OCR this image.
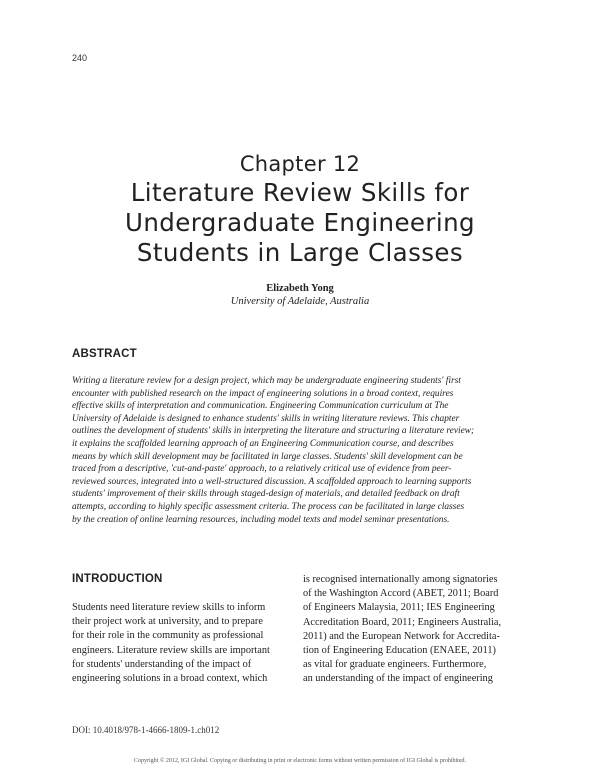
240
Chapter 12
Literature Review Skills for
Undergraduate Engineering
Students in Large Classes
Elizabeth Yong
University of Adelaide, Australia
ABSTRACT
Writing a literature review for a design project, which may be undergraduate engineering students' first
encounter with published research on the impact of engineering solutions in a broad context, requires
effective skills of interpretation and communication. Engineering Communication curriculum at The
University of Adelaide is designed to enhance students' skills in writing literature reviews. This chapter
outlines the development of students' skills in interpreting the literature and structuring a literature review;
it explains the scaffolded learning approach of an Engineering Communication course, and describes
means by which skill development may be facilitated in large classes. Students' skill development can be
traced from a descriptive, 'cut-and-paste' approach, to a relatively critical use of evidence from peer-
reviewed sources, integrated into a well-structured discussion. A scaffolded approach to learning supports
students' improvement of their skills through staged-design of materials, and detailed feedback on draft
attempts, according to highly specific assessment criteria. The process can be facilitated in large classes
by the creation of online learning resources, including model texts and model seminar presentations.
INTRODUCTION
Students need literature review skills to inform
their project work at university, and to prepare
for their role in the community as professional
engineers. Literature review skills are important
for students' understanding of the impact of
engineering solutions in a broad context, which
is recognised internationally among signatories
of the Washington Accord (ABET, 2011; Board
of Engineers Malaysia, 2011; IES Engineering
Accreditation Board, 2011; Engineers Australia,
2011) and the European Network for Accredita-
tion of Engineering Education (ENAEE, 2011)
as vital for graduate engineers. Furthermore,
an understanding of the impact of engineering
DOI: 10.4018/978-1-4666-1809-1.ch012
Copyright © 2012, IGI Global. Copying or distributing in print or electronic forms without written permission of IGI Global is prohibited.
